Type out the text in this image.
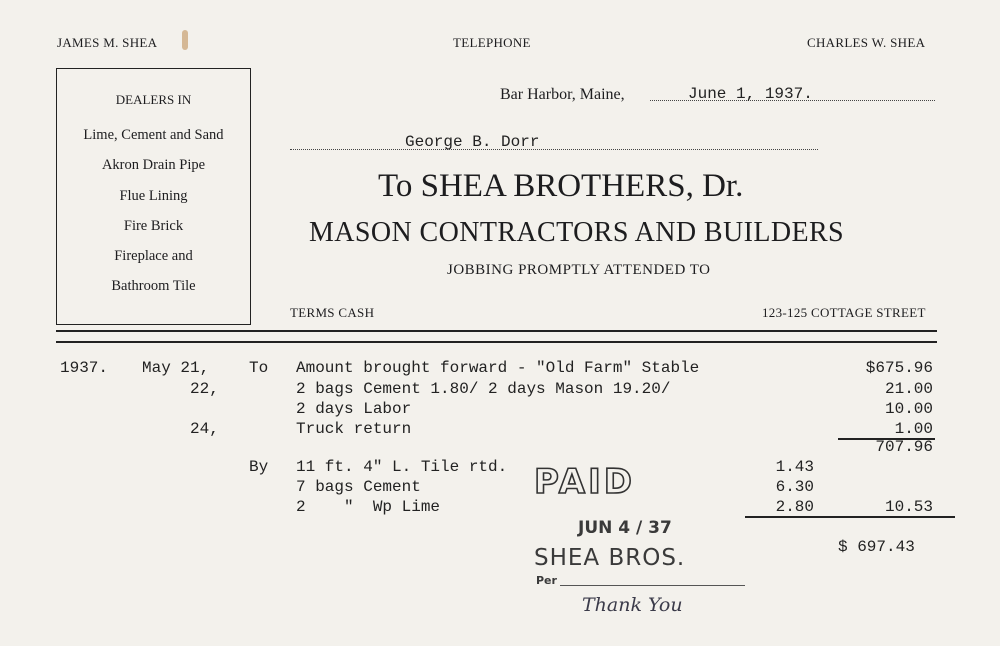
JAMES M. SHEA	TELEPHONE	CHARLES W. SHEA
DEALERS IN
Lime, Cement and Sand
Akron Drain Pipe
Flue Lining
Fire Brick
Fireplace and
Bathroom Tile
Bar Harbor, Maine,	June 1, 1937.
George B. Dorr
To SHEA BROTHERS, Dr.
MASON CONTRACTORS AND BUILDERS
JOBBING PROMPTLY ATTENDED TO
TERMS CASH	123-125 COTTAGE STREET
1937. May 21, To Amount brought forward - "Old Farm" Stable	$675.96
22,	2 bags Cement 1.80/ 2 days Mason 19.20/	21.00
2 days Labor	10.00
24,	Truck return	1.00
707.96
By 11 ft. 4" L. Tile rtd.	1.43
7 bags Cement	6.30
2    "  Wp Lime	2.80	10.53
$ 697.43
PAID
JUN 4 / 37
SHEA BROS.
Per
Thank You
